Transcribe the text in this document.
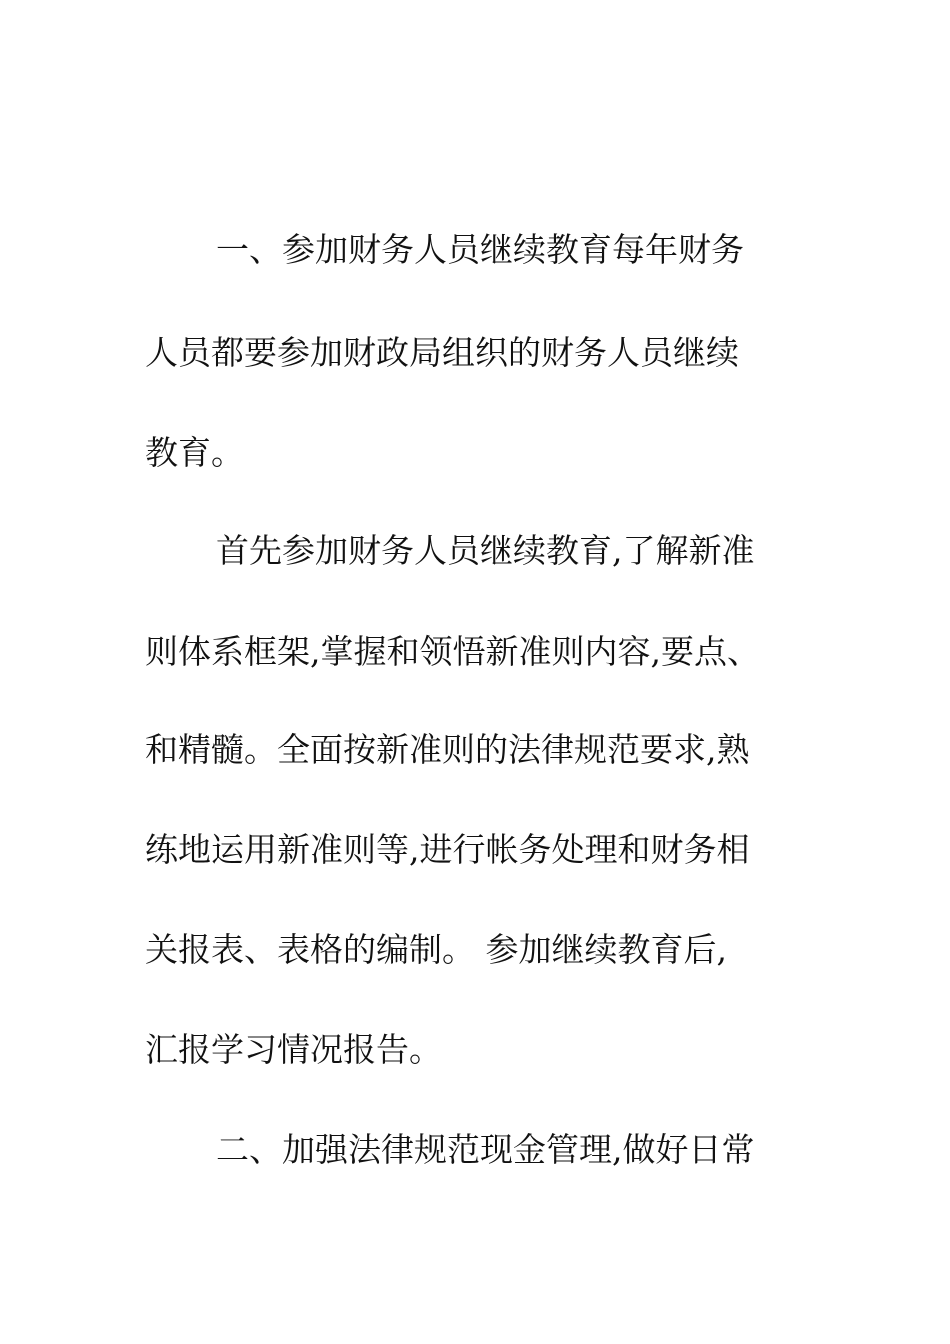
一、参加财务人员继续教育每年财务

人员都要参加财政局组织的财务人员继续

教育。

首先参加财务人员继续教育,了解新准

则体系框架,掌握和领悟新准则内容,要点、

和精髓。全面按新准则的法律规范要求,熟

练地运用新准则等,进行帐务处理和财务相

关报表、表格的编制。 参加继续教育后,

汇报学习情况报告。

二、加强法律规范现金管理,做好日常
